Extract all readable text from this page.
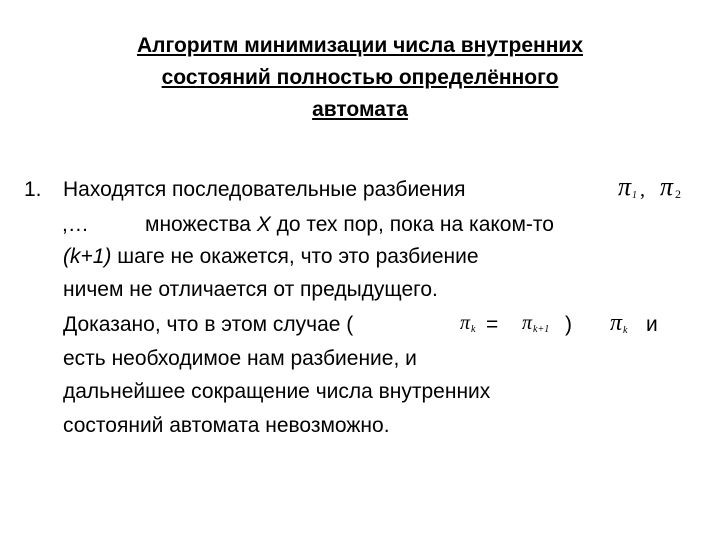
Алгоритм минимизации числа внутренних
состояний полностью определённого
автомата
1. Находятся последовательные разбиения	$\pi_1$ , π 2
,…	множества X до тех пор, пока на каком-то
(k+1) шаге не окажется, что это разбиение
ничем не отличается от предыдущего.
Доказано, что в этом случае (	$\pi_k = \pi_{k+1}$ ) $\pi_k$ и
есть необходимое нам разбиение, и
дальнейшее сокращение числа внутренних
состояний автомата невозможно.
